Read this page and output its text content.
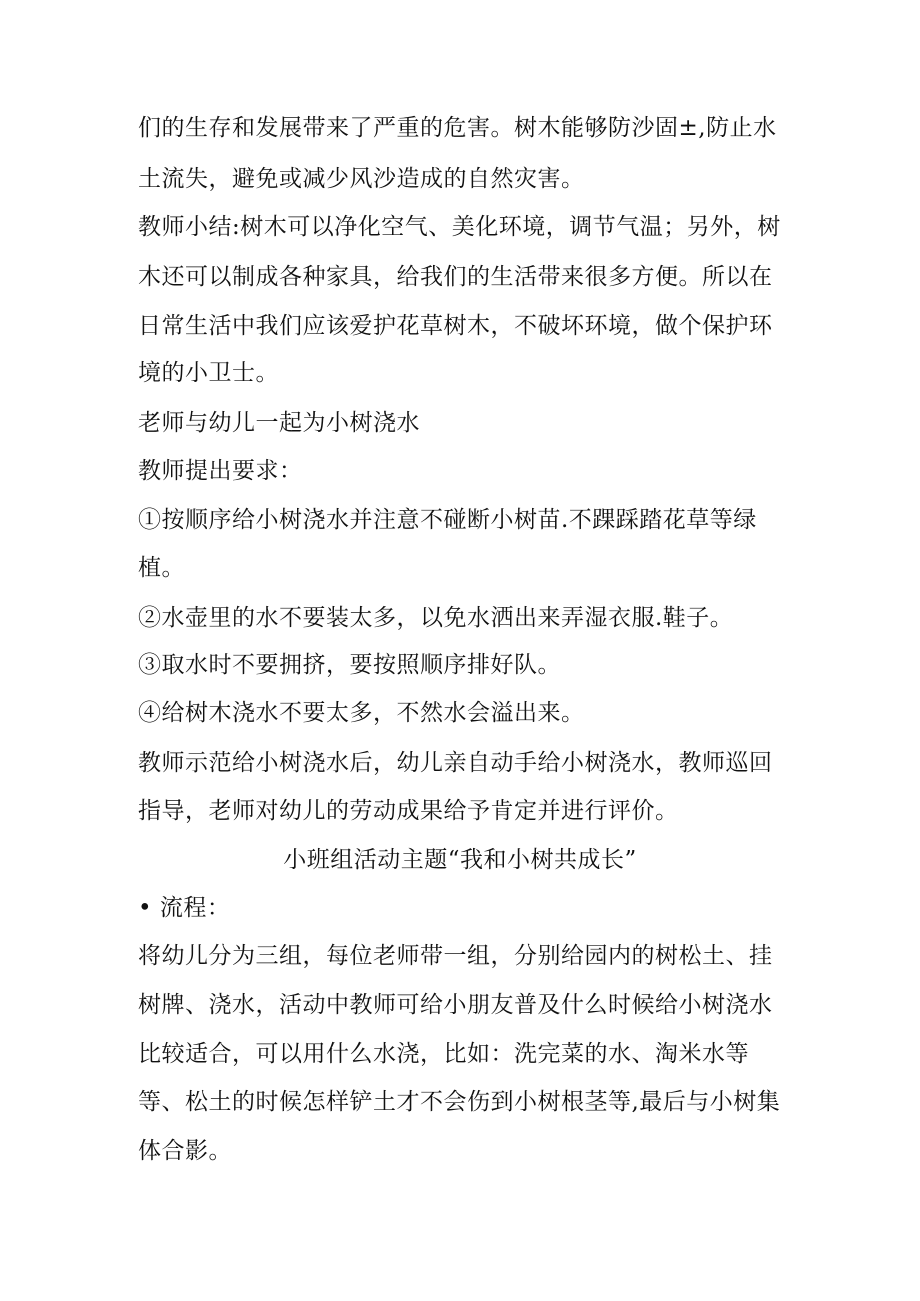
们的生存和发展带来了严重的危害。树木能够防沙固±,防止水
土流失，避免或减少风沙造成的自然灾害。
教师小结:树木可以净化空气、美化环境，调节气温；另外，树
木还可以制成各种家具，给我们的生活带来很多方便。所以在
日常生活中我们应该爱护花草树木，不破坏环境，做个保护环
境的小卫士。
老师与幼儿一起为小树浇水
教师提出要求：
①按顺序给小树浇水并注意不碰断小树苗.不踝踩踏花草等绿
植。
②水壶里的水不要装太多，以免水洒出来弄湿衣服.鞋子。
③取水时不要拥挤，要按照顺序排好队。
④给树木浇水不要太多，不然水会溢出来。
教师示范给小树浇水后，幼儿亲自动手给小树浇水，教师巡回
指导，老师对幼儿的劳动成果给予肯定并进行评价。
小班组活动主题“我和小树共成长”
• 流程：
将幼儿分为三组，每位老师带一组，分别给园内的树松土、挂
树牌、浇水，活动中教师可给小朋友普及什么时候给小树浇水
比较适合，可以用什么水浇，比如：洗完菜的水、淘米水等
等、松土的时候怎样铲土才不会伤到小树根茎等,最后与小树集
体合影。
